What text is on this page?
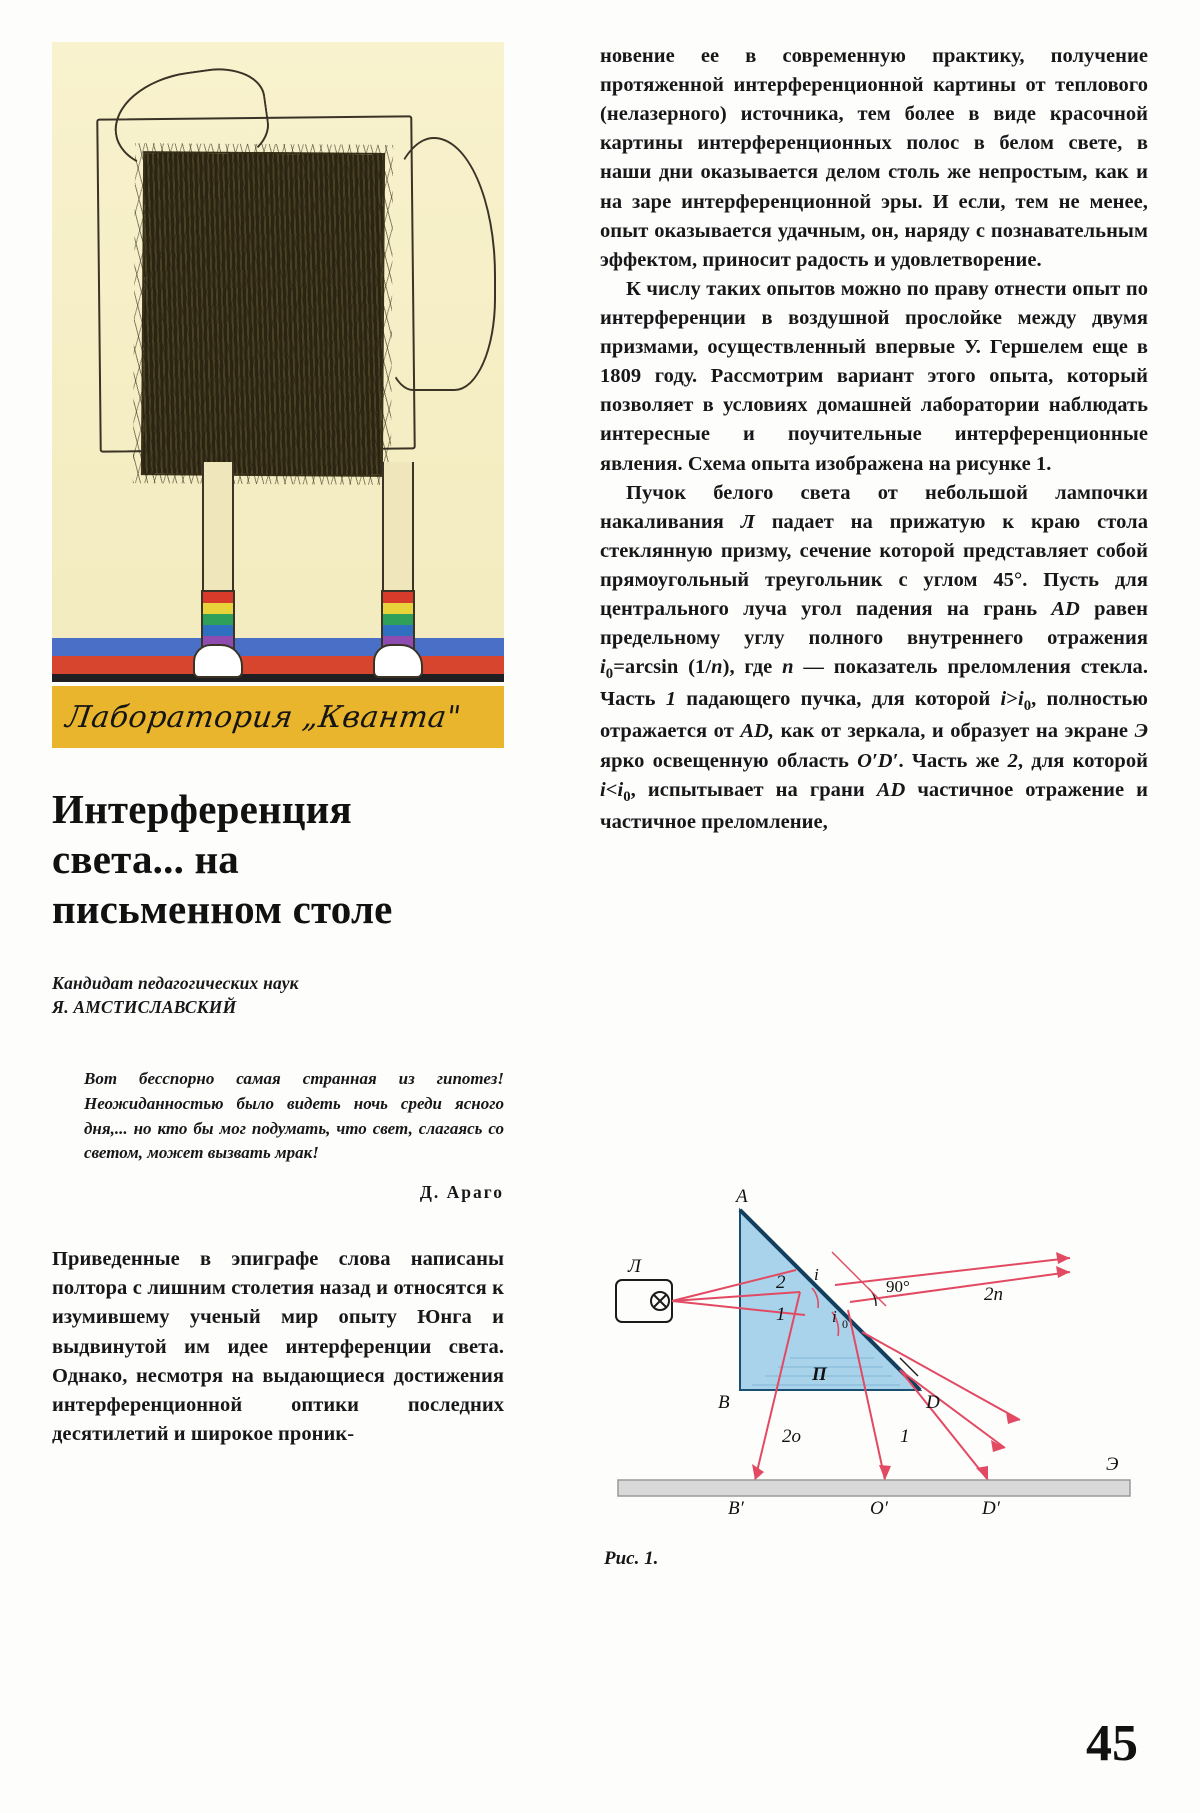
Лаборатория „Кванта"
Интерференция
света... на
письменном столе
Кандидат педагогических наук
Я. АМСТИСЛАВСКИЙ
Вот бесспорно самая странная из гипотез! Неожиданностью было видеть ночь среди ясного дня,... но кто бы мог подумать, что свет, слагаясь со светом, может вызвать мрак!
Д. Араго

Приведенные в эпиграфе слова написаны полтора с лишним столетия назад и относятся к изумившему ученый мир опыту Юнга и выдвинутой им идее интерференции света. Однако, несмотря на выдающиеся достижения интерференционной оптики последних десятилетий и широкое проник-

новение ее в современную практику, получение протяженной интерференционной картины от теплового (нелазерного) источника, тем более в виде красочной картины интерференционных полос в белом свете, в наши дни оказывается делом столь же непростым, как и на заре интерференционной эры. И если, тем не менее, опыт оказывается удачным, он, наряду с познавательным эффектом, приносит радость и удовлетворение.

К числу таких опытов можно по праву отнести опыт по интерференции в воздушной прослойке между двумя призмами, осуществленный впервые У. Гершелем еще в 1809 году. Рассмотрим вариант этого опыта, который позволяет в условиях домашней лаборатории наблюдать интересные и поучительные интерференционные явления. Схема опыта изображена на рисунке 1.

Пучок белого света от небольшой лампочки накаливания Л падает на прижатую к краю стола стеклянную призму, сечение которой представляет собой прямоугольный треугольник с углом 45°. Пусть для центрального луча угол падения на грань AD равен предельному углу полного внутреннего отражения $i_0=\arcsin$ (1/n), где n — показатель преломления стекла. Часть 1 падающего пучка, для которой $i>i_0$, полностью отражается от AD, как от зеркала, и образует на экране Э ярко освещенную область O′D′. Часть же 2, для которой $i<i_0$, испытывает на грани AD частичное отражение и частичное преломление,

Л
A
B	D
П
90°
2
1
i
i 0
2п
2о	1
Э
B′	O′	D′
Рис. 1.
45
